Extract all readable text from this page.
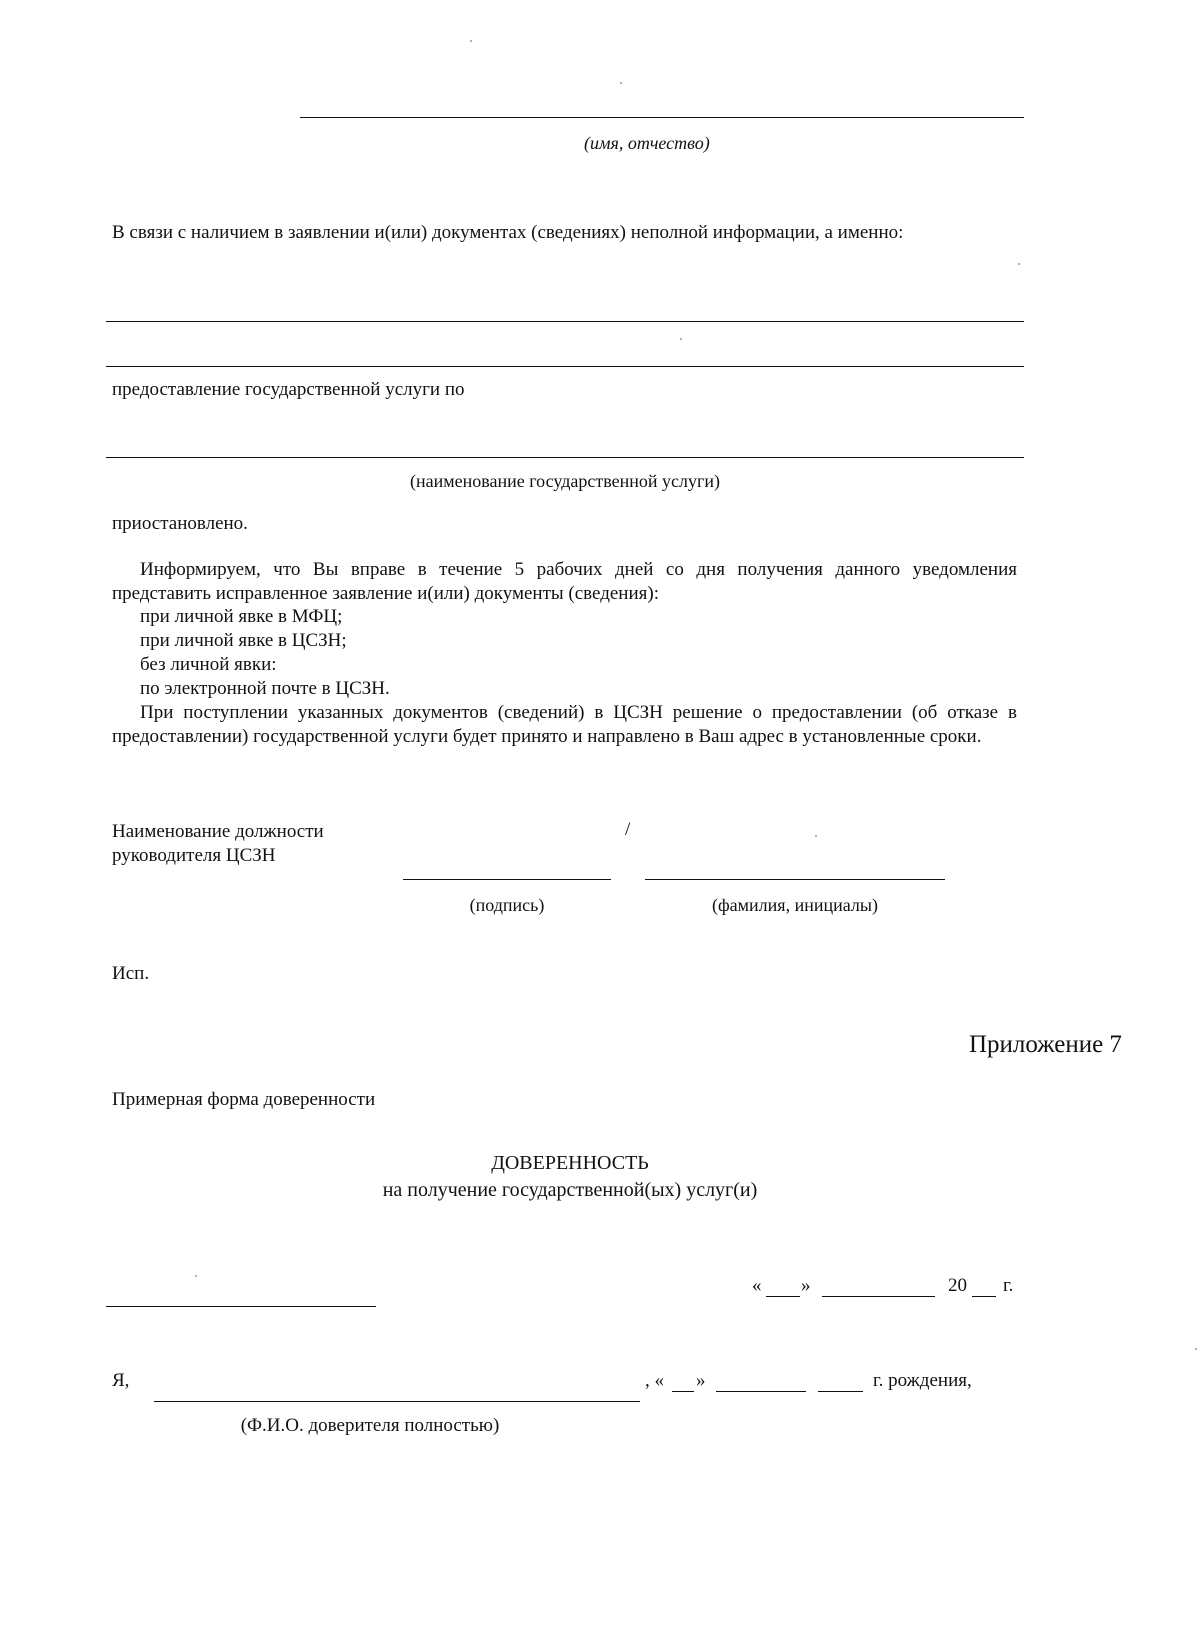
(имя, отчество)
В связи с наличием в заявлении и(или) документах (сведениях) неполной информации, а именно:
предоставление государственной услуги по
(наименование государственной услуги)
приостановлено.
Информируем, что Вы вправе в течение 5 рабочих дней со дня получения данного уведомления представить исправленное заявление и(или) документы (сведения):
при личной явке в МФЦ;
при личной явке в ЦСЗН;
без личной явки:
по электронной почте в ЦСЗН.
При поступлении указанных документов (сведений) в ЦСЗН решение о предоставлении (об отказе в предоставлении) государственной услуги будет принято и направлено в Ваш адрес в установленные сроки.
Наименование должности
руководителя ЦСЗН
/
(подпись)	(фамилия, инициалы)
Исп.
Приложение 7
Примерная форма доверенности
ДОВЕРЕННОСТЬ
на получение государственной(ых) услуг(и)
« »	20 г.
Я,	, « »	г. рождения,
(Ф.И.О. доверителя полностью)
